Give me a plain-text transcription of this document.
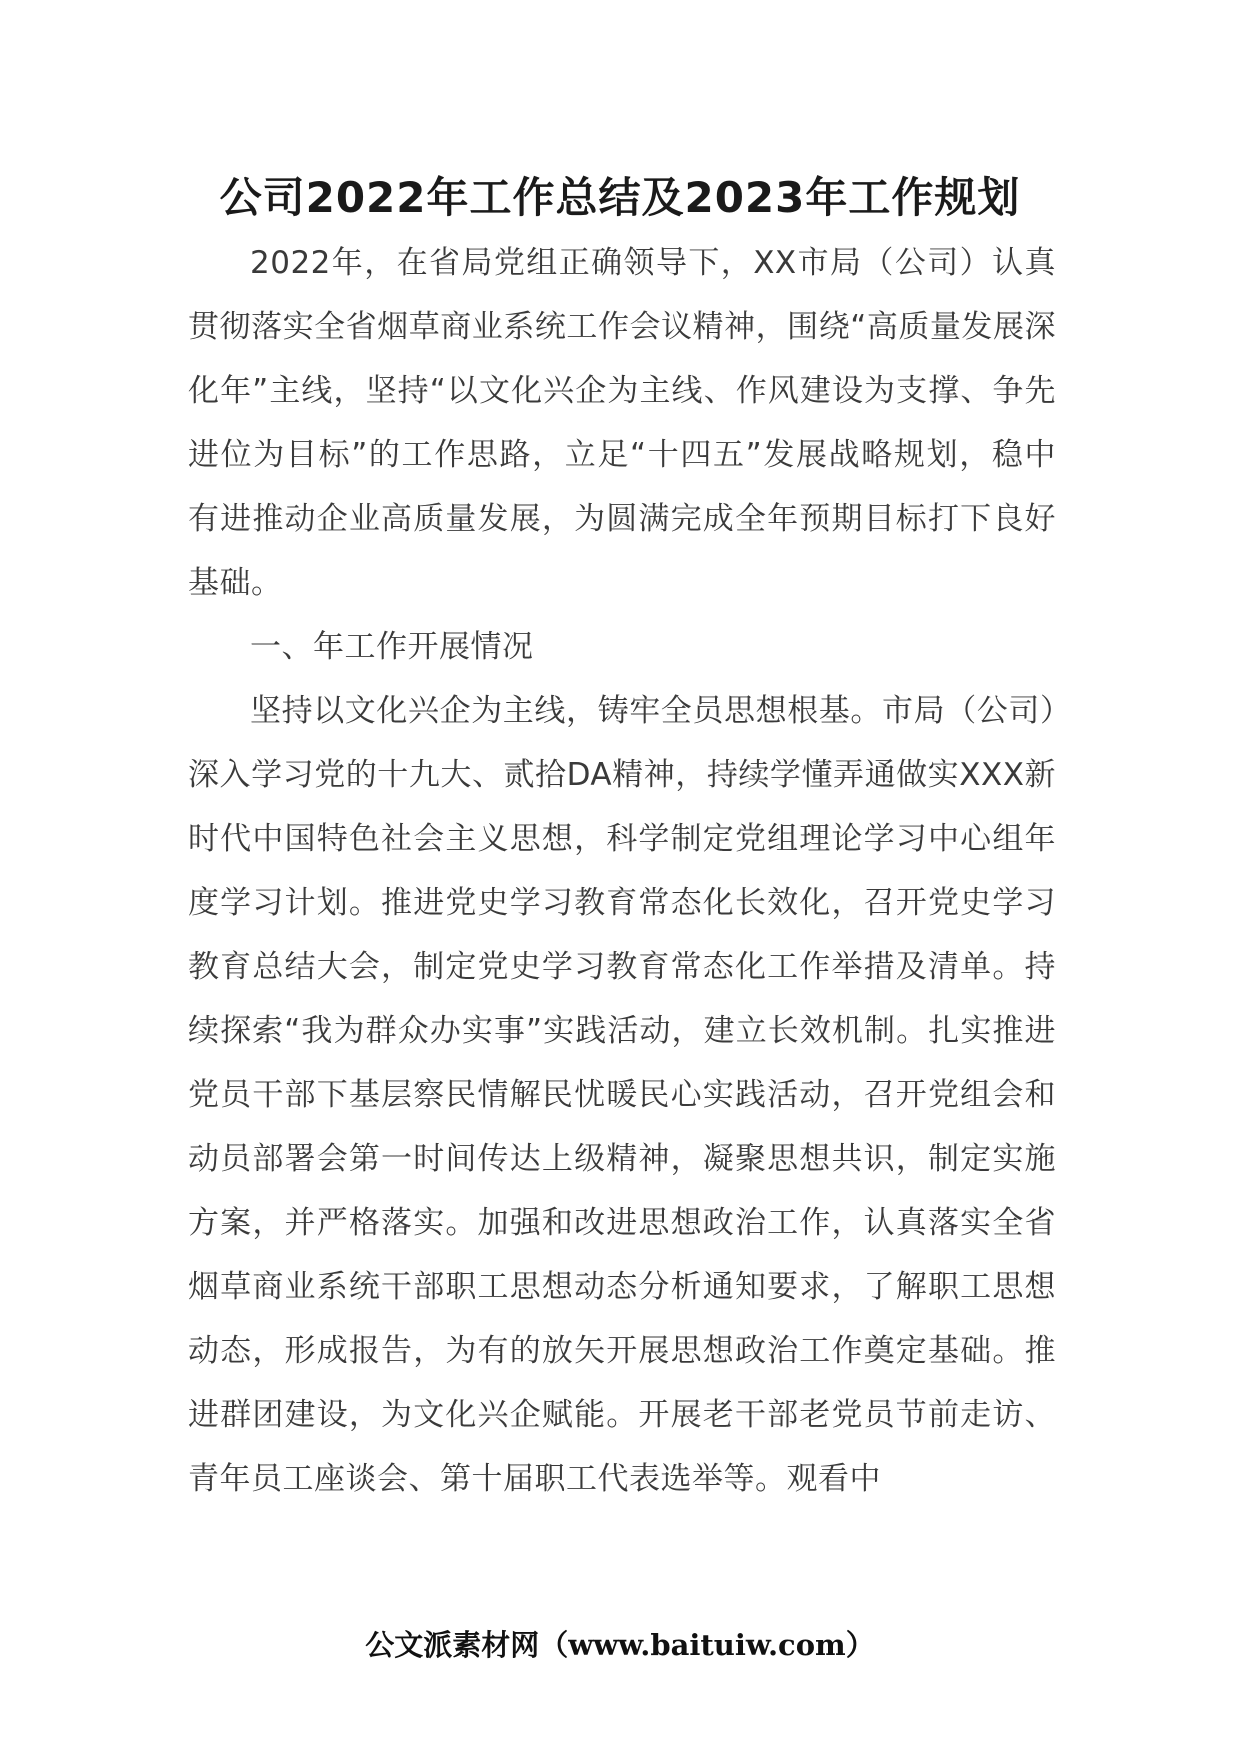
公司2022年工作总结及2023年工作规划

2022年，在省局党组正确领导下，XX市局（公司）认真贯彻落实全省烟草商业系统工作会议精神，围绕“高质量发展深化年”主线，坚持“以文化兴企为主线、作风建设为支撑、争先进位为目标”的工作思路，立足“十四五”发展战略规划，稳中有进推动企业高质量发展，为圆满完成全年预期目标打下良好基础。

一、年工作开展情况

坚持以文化兴企为主线，铸牢全员思想根基。市局（公司）深入学习党的十九大、贰拾DA精神，持续学懂弄通做实XXX新时代中国特色社会主义思想，科学制定党组理论学习中心组年度学习计划。推进党史学习教育常态化长效化，召开党史学习教育总结大会，制定党史学习教育常态化工作举措及清单。持续探索“我为群众办实事”实践活动，建立长效机制。扎实推进党员干部下基层察民情解民忧暖民心实践活动，召开党组会和动员部署会第一时间传达上级精神，凝聚思想共识，制定实施方案，并严格落实。加强和改进思想政治工作，认真落实全省烟草商业系统干部职工思想动态分析通知要求，了解职工思想动态，形成报告，为有的放矢开展思想政治工作奠定基础。推进群团建设，为文化兴企赋能。开展老干部老党员节前走访、青年员工座谈会、第十届职工代表选举等。观看中

公文派素材网（www.baituiw.com）
